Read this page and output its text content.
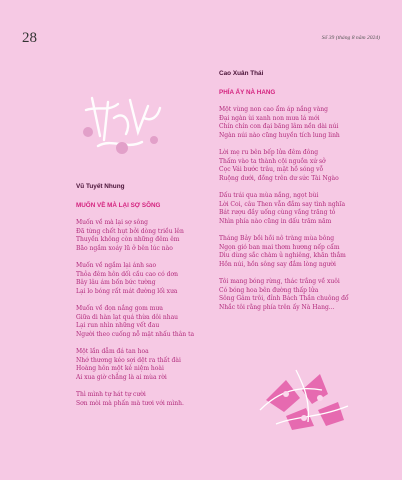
28	Số 39 (tháng 8 năm 2024)
Vũ Tuyết Nhung
MUỐN VỀ MÀ LẠI SỢ SÔNG
Muốn về mà lại sợ sông
Đã từng chết hụt bởi dòng triều lên
Thuyền không còn những đêm êm
Bão ngầm xoáy lũ ở bên lúc nào
Muốn về ngắm lại ánh sao
Thỏa đêm hôn dối cầu cao có dơn
Bây lâu ám bốn bức tường
Lại lo bóng rất mát đường lối xưa
Muốn về đọn nắng gom mưa
Giữa di hàn lạt quá thừa dôi nhau
Lại run nhìn những vết đau
Người theo cuống nỗ mặt nhấu thân ta
Một lần dẫm đá tan hoa
Nhớ thương kéo sợi dệt ra thất đài
Hoàng hôn một kẻ niệm hoài
Ai xua giờ chẳng là ai mùa rời
Thì mình tự hát tự cười
Sơn mòi mà phấn mà tươi với mình.
Cao Xuân Thái
PHÍA ẤY NÀ HANG
Một vùng non cao ẩm áp nắng vàng
Đại ngàn ùi xanh non mưa lá mới
Chín chín con đại băng lâm nền dài núi
Ngàn núi nào cũng huyền tích lung linh
Lời mẹ ru bên bếp lửa đêm đông
Thấm vào ta thành cội nguồn xứ sở
Cọc Vái bước trâu, mặt hồ sóng vỗ
Ruộng dưới, đồng trên dư sức Tài Ngào
Dấu trái qua mùa nắng, ngọt bùi
Lời Coi, câu Then vẫn đắm say tình nghĩa
Bát rượu đầy uống cùng vầng trăng tỏ
Nhìn phía nào cũng in dấu trăm năm
Tháng Bảy bồi hồi nô tràng mùa bông
Ngọn gió ban mai thơm hương nếp cẩm
Dìu dùng sắc chàm ủ nghiêng, khăn thắm
Hồn núi, hồn sông say đắm lòng người
Tôi mang bóng rừng, thác trắng về xuôi
Có bóng hoa bên đường thấp lửa
Sông Gâm trôi, đỉnh Bách Thần chuông đổ
Nhắc tôi rằng phía trên ấy Nà Hang...
